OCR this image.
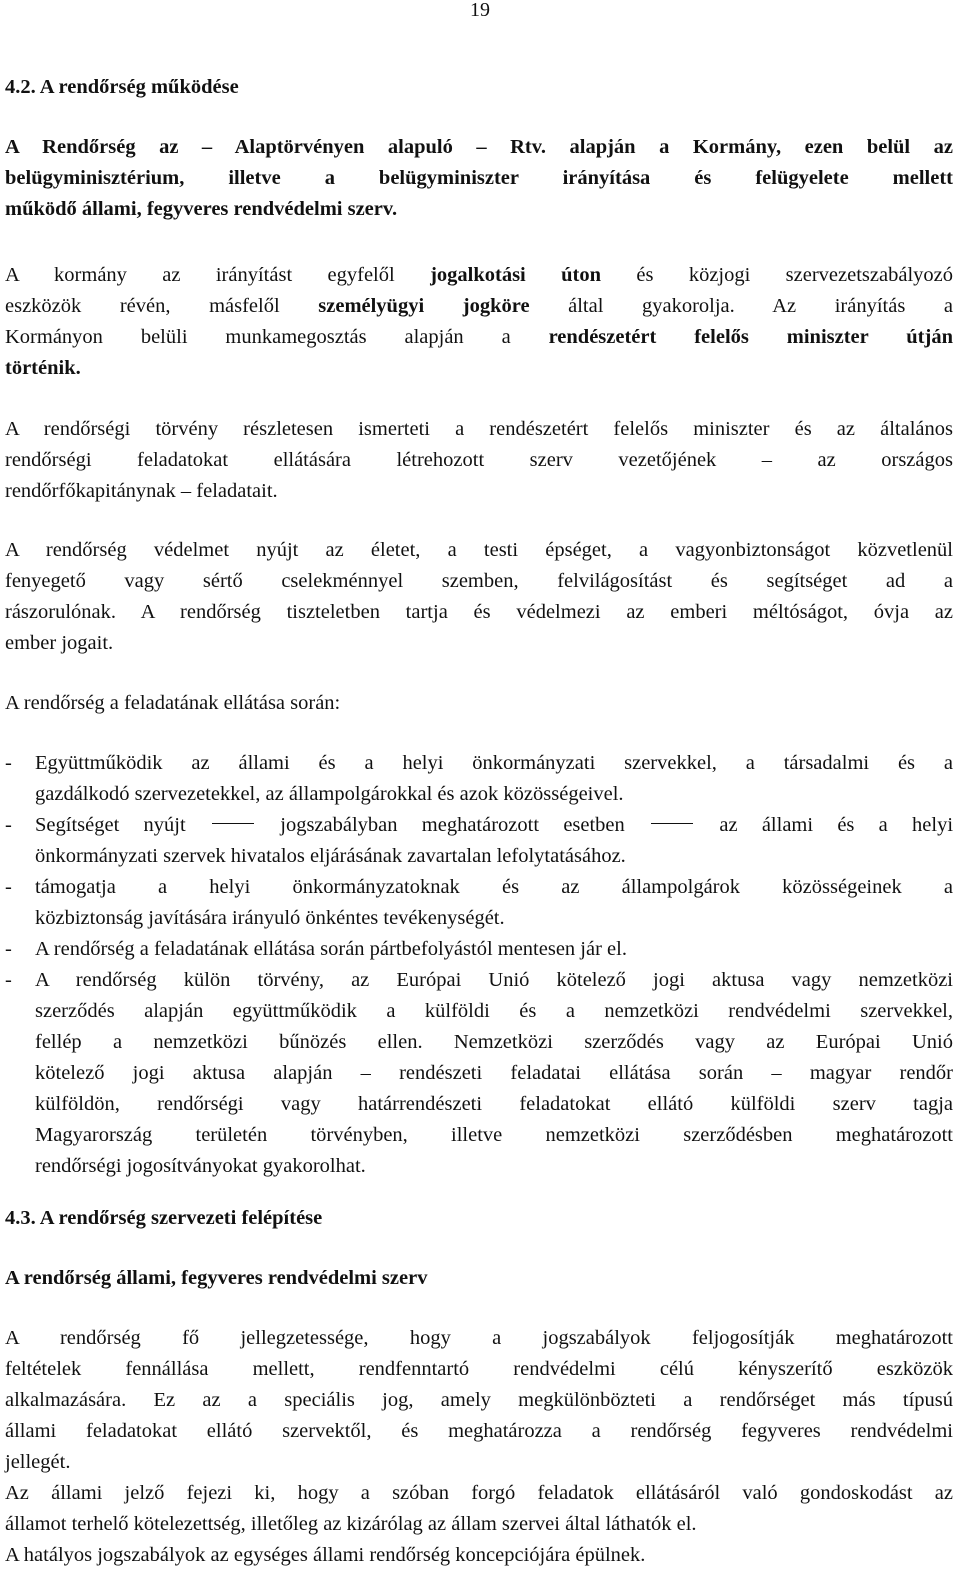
19
4.2. A rendőrség működése
A Rendőrség az – Alaptörvényen alapuló – Rtv. alapján a Kormány, ezen belül az
belügyminisztérium, illetve a belügyminiszter irányítása és felügyelete mellett
működő állami, fegyveres rendvédelmi szerv.
A kormány az irányítást egyfelől jogalkotási úton és közjogi szervezetszabályozó
eszközök révén, másfelől személyügyi jogköre által gyakorolja. Az irányítás a
Kormányon belüli munkamegosztás alapján a rendészetért felelős miniszter útján
történik.
A rendőrségi törvény részletesen ismerteti a rendészetért felelős miniszter és az általános
rendőrségi feladatokat ellátására létrehozott szerv vezetőjének – az országos
rendőrfőkapitánynak – feladatait.
A rendőrség védelmet nyújt az életet, a testi épséget, a vagyonbiztonságot közvetlenül
fenyegető vagy sértő cselekménnyel szemben, felvilágosítást és segítséget ad a
rászorulónak. A rendőrség tiszteletben tartja és védelmezi az emberi méltóságot, óvja az
ember jogait.
A rendőrség a feladatának ellátása során:
- Együttműködik az állami és a helyi önkormányzati szervekkel, a társadalmi és a
gazdálkodó szervezetekkel, az állampolgárokkal és azok közösségeivel.
- Segítséget nyújt	jogszabályban meghatározott esetben	az állami és a helyi
önkormányzati szervek hivatalos eljárásának zavartalan lefolytatásához.
- támogatja a helyi önkormányzatoknak és az állampolgárok közösségeinek a
közbiztonság javítására irányuló önkéntes tevékenységét.
- A rendőrség a feladatának ellátása során pártbefolyástól mentesen jár el.
- A rendőrség külön törvény, az Európai Unió kötelező jogi aktusa vagy nemzetközi
szerződés alapján együttműködik a külföldi és a nemzetközi rendvédelmi szervekkel,
fellép a nemzetközi bűnözés ellen. Nemzetközi szerződés vagy az Európai Unió
kötelező jogi aktusa alapján – rendészeti feladatai ellátása során – magyar rendőr
külföldön, rendőrségi vagy határrendészeti feladatokat ellátó külföldi szerv tagja
Magyarország területén törvényben, illetve nemzetközi szerződésben meghatározott
rendőrségi jogosítványokat gyakorolhat.
4.3. A rendőrség szervezeti felépítése
A rendőrség állami, fegyveres rendvédelmi szerv
A rendőrség fő jellegzetessége, hogy a jogszabályok feljogosítják meghatározott
feltételek fennállása mellett, rendfenntartó rendvédelmi célú kényszerítő eszközök
alkalmazására. Ez az a speciális jog, amely megkülönbözteti a rendőrséget más típusú
állami feladatokat ellátó szervektől, és meghatározza a rendőrség fegyveres rendvédelmi
jellegét.
Az állami jelző fejezi ki, hogy a szóban forgó feladatok ellátásáról való gondoskodást az
államot terhelő kötelezettség, illetőleg az kizárólag az állam szervei által láthatók el.
A hatályos jogszabályok az egységes állami rendőrség koncepciójára épülnek.
